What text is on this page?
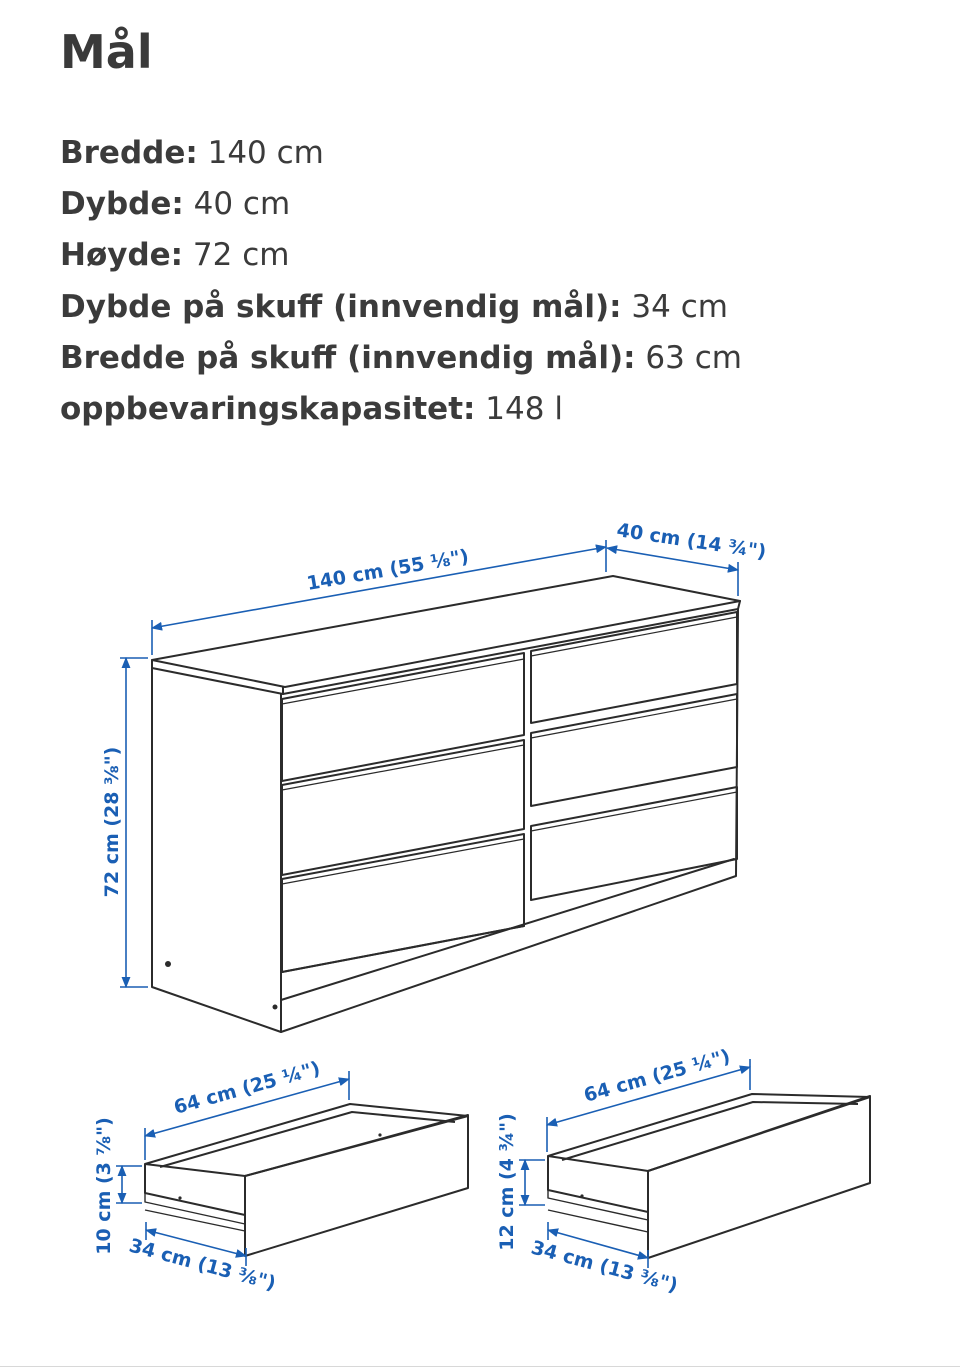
Mål
Bredde: 140 cm
Dybde: 40 cm
Høyde: 72 cm
Dybde på skuff (innvendig mål): 34 cm
Bredde på skuff (innvendig mål): 63 cm
oppbevaringskapasitet: 148 l
140 cm (55 ⅛")
40 cm (14 ¾")
72 cm (28 ⅜")
64 cm (25 ¼")
10 cm (3 ⅞")
34 cm (13 ⅜")
64 cm (25 ¼")
12 cm (4 ¾")
34 cm (13 ⅜")
